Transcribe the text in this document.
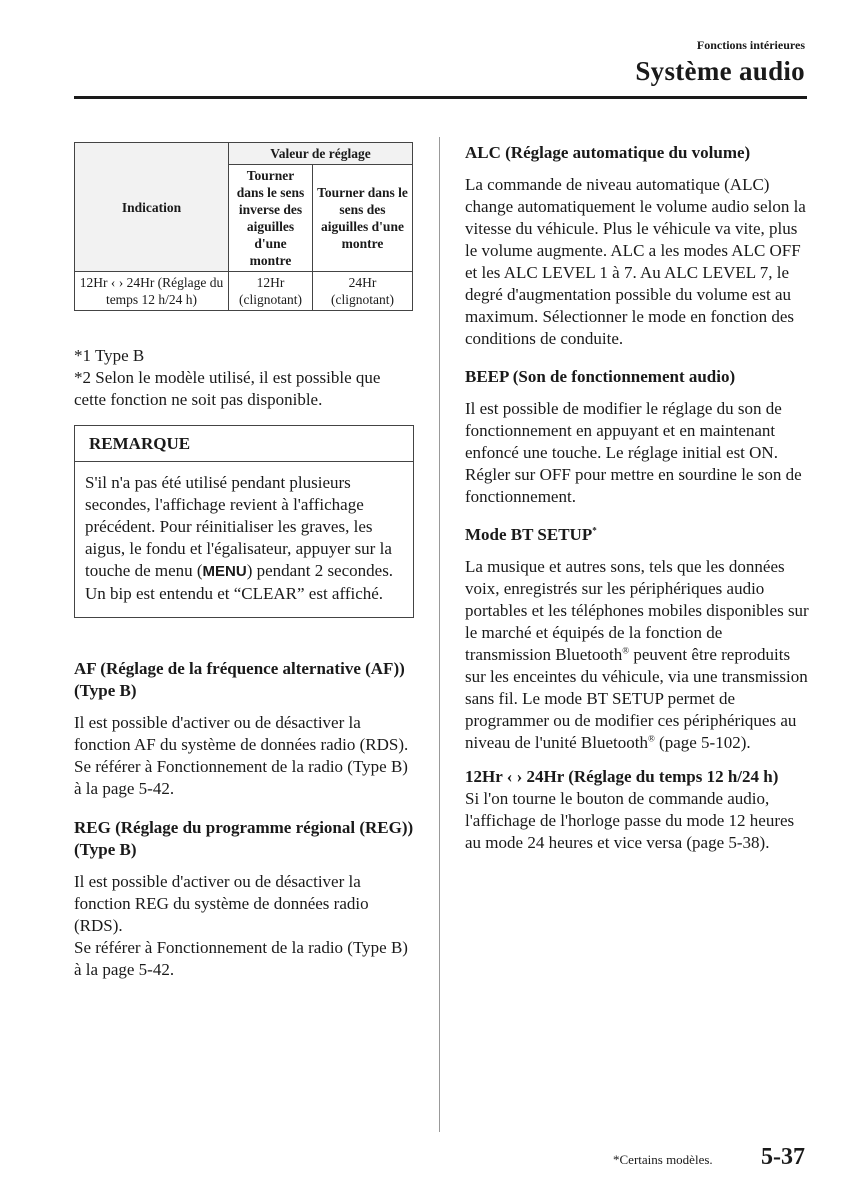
Fonctions intérieures
Système audio
Indication	Valeur de réglage	
	Tourner dans le sens inverse des aiguilles d'une montre	Tourner dans le sens des aiguilles d'une montre
12Hr ‹ › 24Hr (Réglage du temps 12 h/24 h)	12Hr (clignotant)	24Hr (clignotant)
*1 Type B
*2 Selon le modèle utilisé, il est possible que cette fonction ne soit pas disponible.
REMARQUE
S'il n'a pas été utilisé pendant plusieurs secondes, l'affichage revient à l'affichage précédent. Pour réinitialiser les graves, les aigus, le fondu et l'égalisateur, appuyer sur la touche de menu (MENU) pendant 2 secondes. Un bip est entendu et “CLEAR” est affiché.
AF (Réglage de la fréquence alternative (AF)) (Type B)

Il est possible d'activer ou de désactiver la fonction AF du système de données radio (RDS).

Se référer à Fonctionnement de la radio (Type B) à la page 5-42.

REG (Réglage du programme régional (REG)) (Type B)

Il est possible d'activer ou de désactiver la fonction REG du système de données radio (RDS).

Se référer à Fonctionnement de la radio (Type B) à la page 5-42.

ALC (Réglage automatique du volume)

La commande de niveau automatique (ALC) change automatiquement le volume audio selon la vitesse du véhicule. Plus le véhicule va vite, plus le volume augmente. ALC a les modes ALC OFF et les ALC LEVEL 1 à 7. Au ALC LEVEL 7, le degré d'augmentation possible du volume est au maximum. Sélectionner le mode en fonction des conditions de conduite.

BEEP (Son de fonctionnement audio)

Il est possible de modifier le réglage du son de fonctionnement en appuyant et en maintenant enfoncé une touche. Le réglage initial est ON. Régler sur OFF pour mettre en sourdine le son de fonctionnement.

Mode BT SETUP*

La musique et autres sons, tels que les données voix, enregistrés sur les périphériques audio portables et les téléphones mobiles disponibles sur le marché et équipés de la fonction de transmission Bluetooth® peuvent être reproduits sur les enceintes du véhicule, via une transmission sans fil. Le mode BT SETUP permet de programmer ou de modifier ces périphériques au niveau de l'unité Bluetooth® (page 5-102).

12Hr ‹ › 24Hr (Réglage du temps 12 h/24 h)

Si l'on tourne le bouton de commande audio, l'affichage de l'horloge passe du mode 12 heures au mode 24 heures et vice versa (page 5-38).

*Certains modèles. 5-37
